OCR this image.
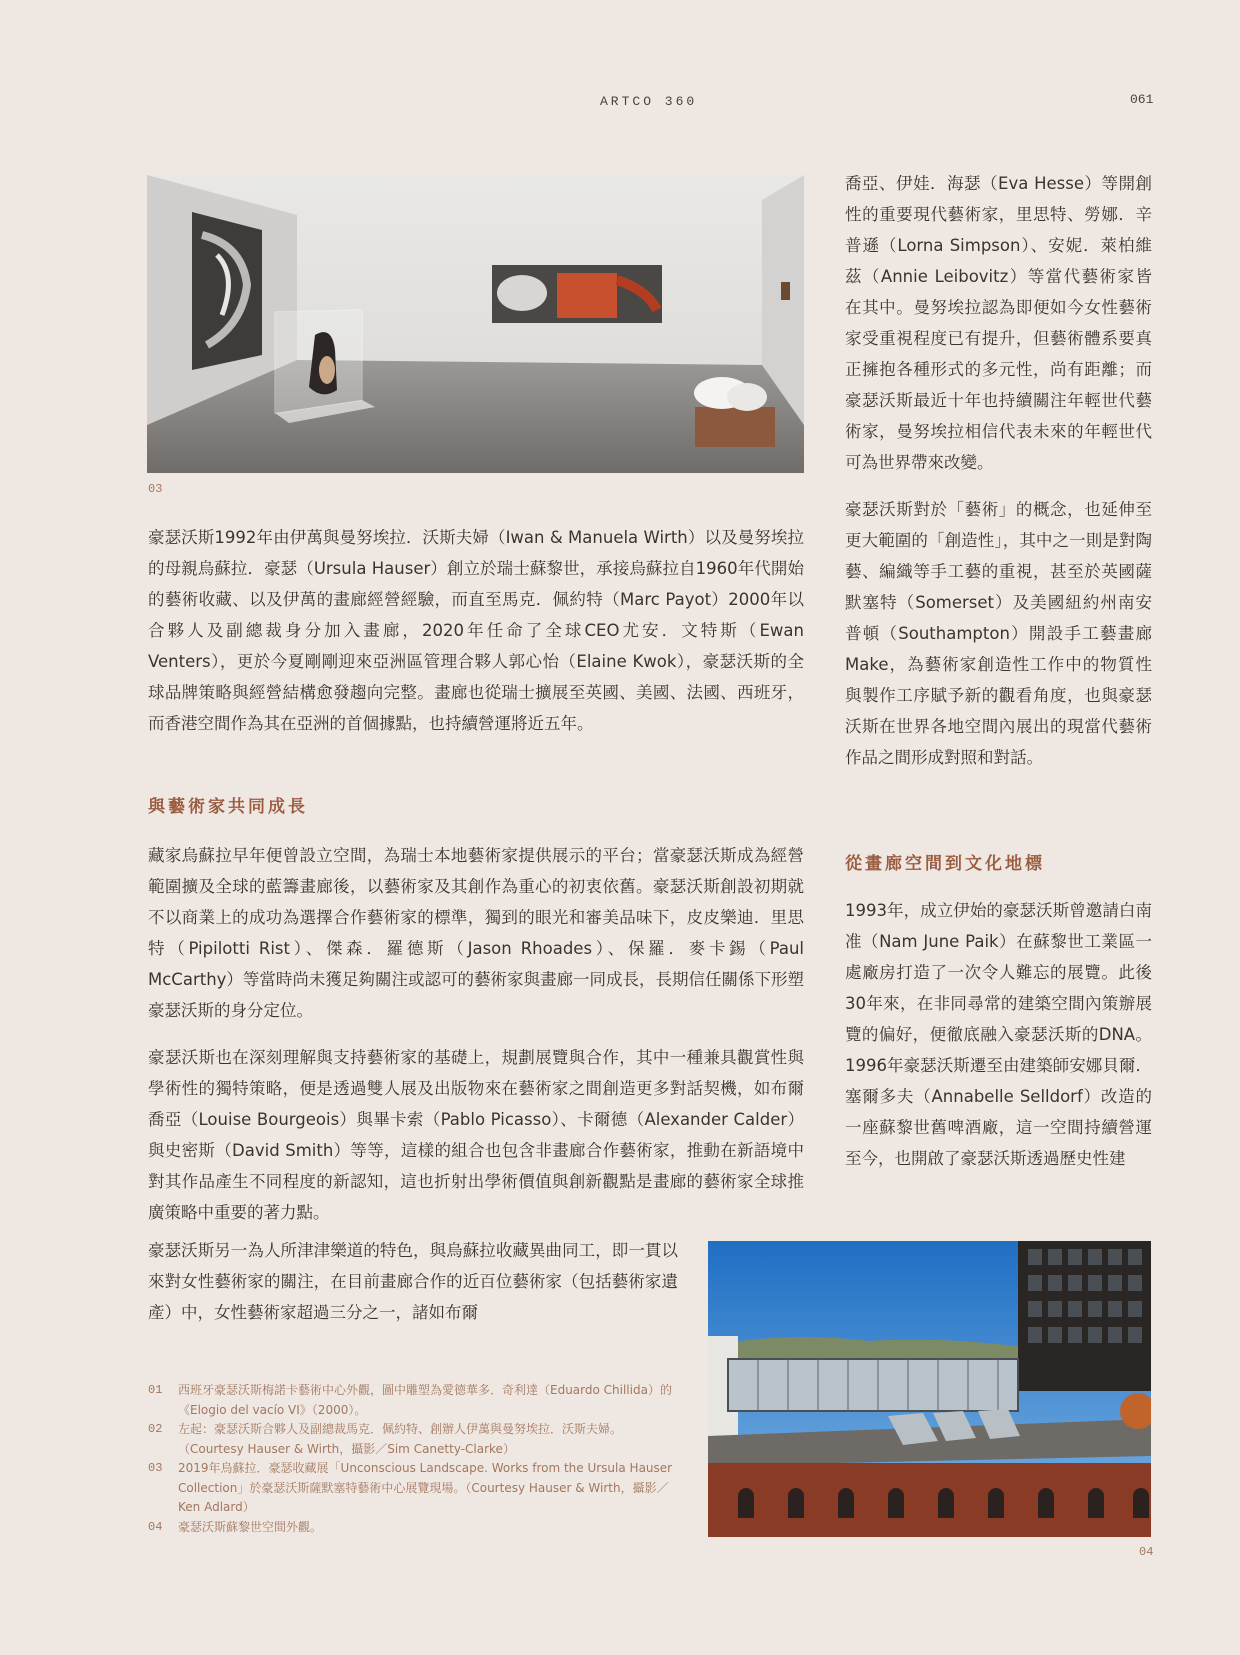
ARTCO 360	061
03

豪瑟沃斯1992年由伊萬與曼努埃拉．沃斯夫婦（Iwan & Manuela Wirth）以及曼努埃拉的母親烏蘇拉．豪瑟（Ursula Hauser）創立於瑞士蘇黎世，承接烏蘇拉自1960年代開始的藝術收藏、以及伊萬的畫廊經營經驗，而直至馬克．佩約特（Marc Payot）2000年以合夥人及副總裁身分加入畫廊，2020年任命了全球CEO尤安．文特斯（Ewan Venters），更於今夏剛剛迎來亞洲區管理合夥人郭心怡（Elaine Kwok），豪瑟沃斯的全球品牌策略與經營結構愈發趨向完整。畫廊也從瑞士擴展至英國、美國、法國、西班牙，而香港空間作為其在亞洲的首個據點，也持續營運將近五年。

與藝術家共同成長

藏家烏蘇拉早年便曾設立空間，為瑞士本地藝術家提供展示的平台；當豪瑟沃斯成為經營範圍擴及全球的藍籌畫廊後，以藝術家及其創作為重心的初衷依舊。豪瑟沃斯創設初期就不以商業上的成功為選擇合作藝術家的標準，獨到的眼光和審美品味下，皮皮樂迪．里思特（Pipilotti Rist）、傑森．羅德斯（Jason Rhoades）、保羅．麥卡錫（Paul McCarthy）等當時尚未獲足夠關注或認可的藝術家與畫廊一同成長，長期信任關係下形塑豪瑟沃斯的身分定位。

豪瑟沃斯也在深刻理解與支持藝術家的基礎上，規劃展覽與合作，其中一種兼具觀賞性與學術性的獨特策略，便是透過雙人展及出版物來在藝術家之間創造更多對話契機，如布爾喬亞（Louise Bourgeois）與畢卡索（Pablo Picasso）、卡爾德（Alexander Calder）與史密斯（David Smith）等等，這樣的組合也包含非畫廊合作藝術家，推動在新語境中對其作品產生不同程度的新認知，這也折射出學術價值與創新觀點是畫廊的藝術家全球推廣策略中重要的著力點。

豪瑟沃斯另一為人所津津樂道的特色，與烏蘇拉收藏異曲同工，即一貫以來對女性藝術家的關注，在目前畫廊合作的近百位藝術家（包括藝術家遺產）中，女性藝術家超過三分之一，諸如布爾

喬亞、伊娃．海瑟（Eva Hesse）等開創性的重要現代藝術家，里思特、勞娜．辛普遜（Lorna Simpson）、安妮．萊柏維茲（Annie Leibovitz）等當代藝術家皆在其中。曼努埃拉認為即便如今女性藝術家受重視程度已有提升，但藝術體系要真正擁抱各種形式的多元性，尚有距離；而豪瑟沃斯最近十年也持續關注年輕世代藝術家，曼努埃拉相信代表未來的年輕世代可為世界帶來改變。

豪瑟沃斯對於「藝術」的概念，也延伸至更大範圍的「創造性」，其中之一則是對陶藝、編織等手工藝的重視，甚至於英國薩默塞特（Somerset）及美國紐約州南安普頓（Southampton）開設手工藝畫廊Make，為藝術家創造性工作中的物質性與製作工序賦予新的觀看角度，也與豪瑟沃斯在世界各地空間內展出的現當代藝術作品之間形成對照和對話。

從畫廊空間到文化地標

1993年，成立伊始的豪瑟沃斯曾邀請白南准（Nam June Paik）在蘇黎世工業區一處廠房打造了一次令人難忘的展覽。此後30年來，在非同尋常的建築空間內策辦展覽的偏好，便徹底融入豪瑟沃斯的DNA。1996年豪瑟沃斯遷至由建築師安娜貝爾．塞爾多夫（Annabelle Selldorf）改造的一座蘇黎世舊啤酒廠，這一空間持續營運至今，也開啟了豪瑟沃斯透過歷史性建

01	西班牙豪瑟沃斯梅諾卡藝術中心外觀，圖中雕塑為愛德華多．奇利達（Eduardo Chillida）的《Elogio del vacío VI》（2000）。
02	左起：豪瑟沃斯合夥人及副總裁馬克．佩約特、創辦人伊萬與曼努埃拉．沃斯夫婦。（Courtesy Hauser & Wirth，攝影／Sim Canetty-Clarke）
03	2019年烏蘇拉．豪瑟收藏展「Unconscious Landscape. Works from the Ursula Hauser Collection」於豪瑟沃斯薩默塞特藝術中心展覽現場。（Courtesy Hauser & Wirth，攝影／Ken Adlard）
04	豪瑟沃斯蘇黎世空間外觀。
04
